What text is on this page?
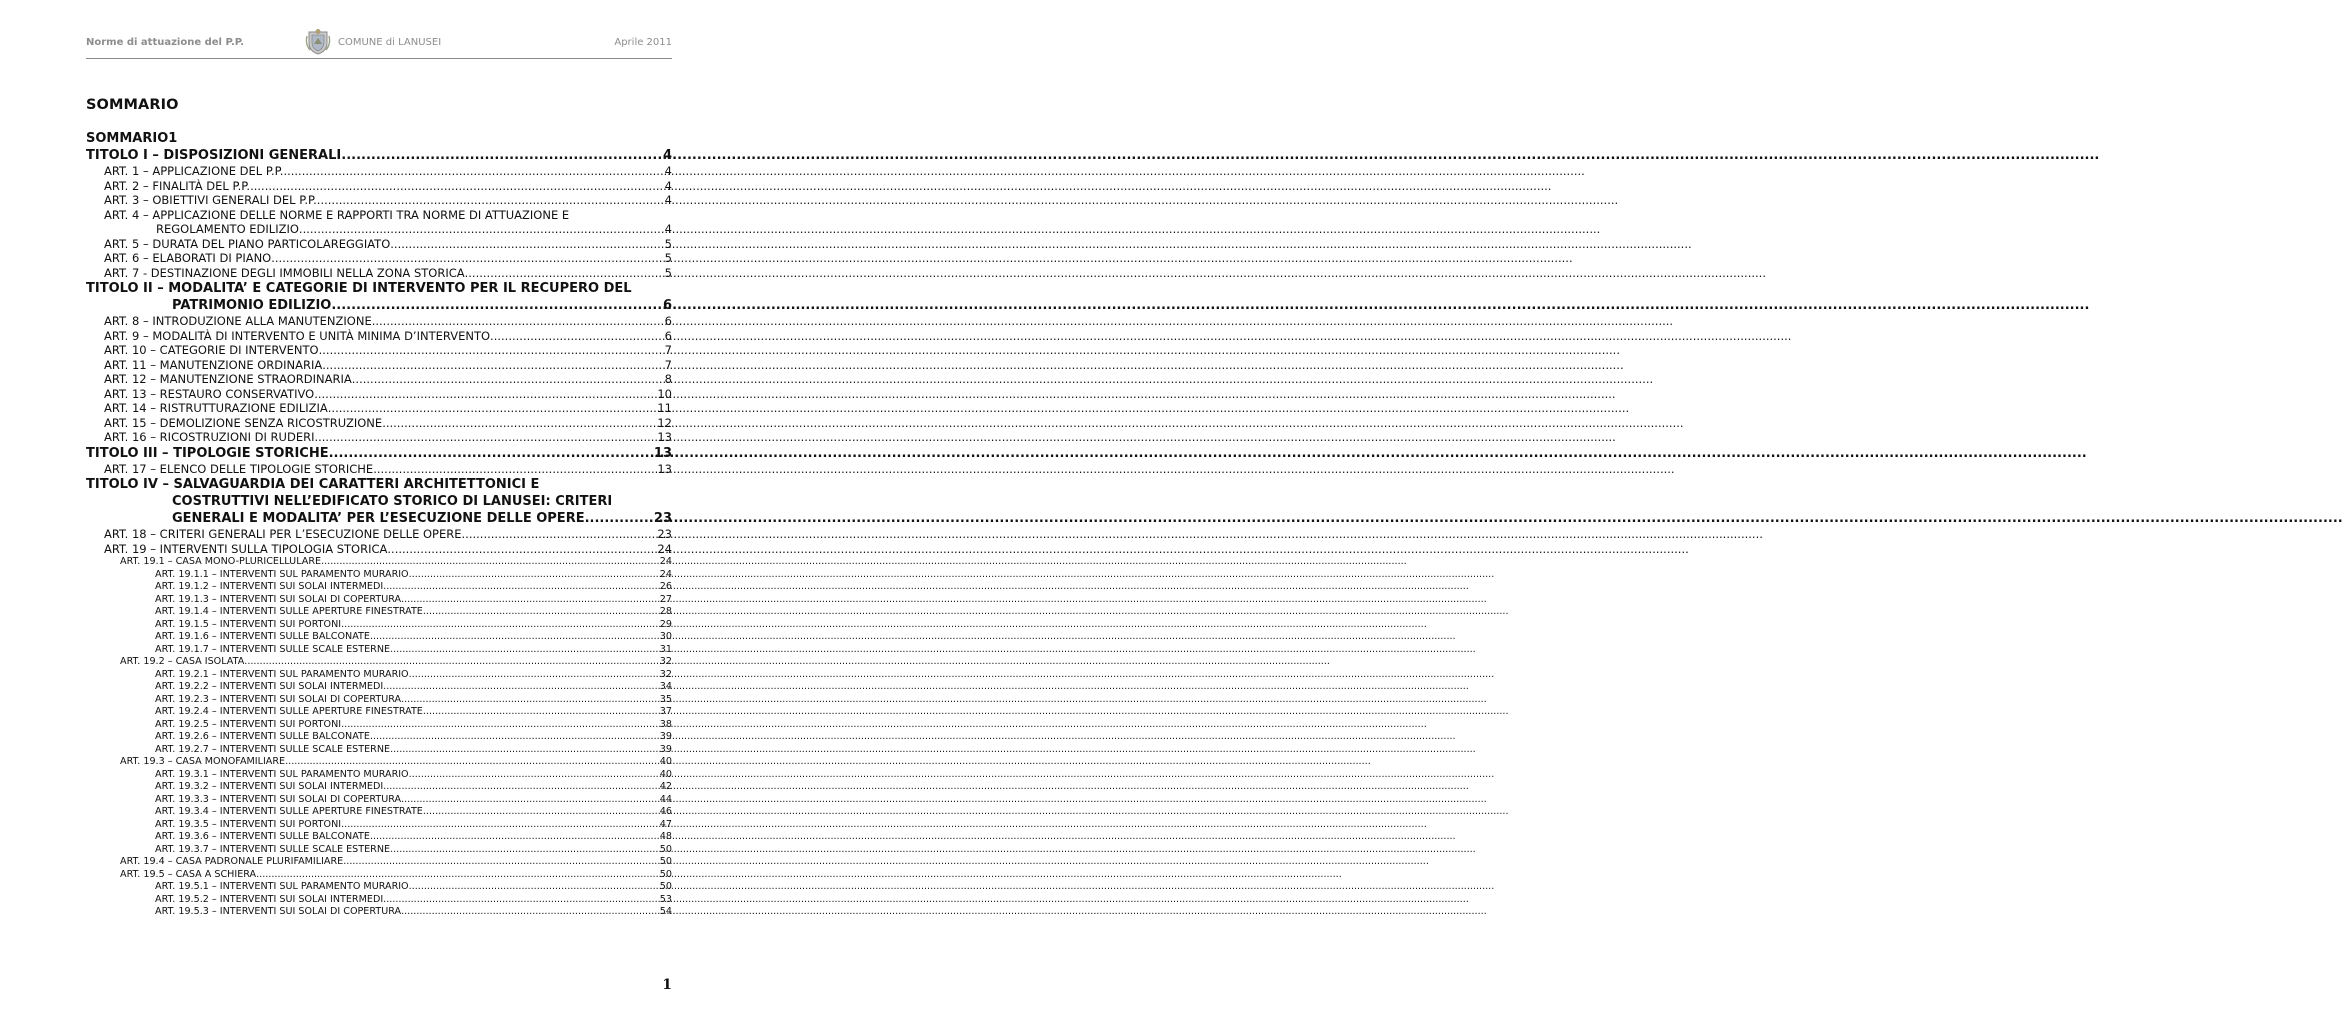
Norme di attuazione del P.P.	COMUNE di LANUSEI	Aprile 2011
SOMMARIO
SOMMARIO1
TITOLO I – DISPOSIZIONI GENERALI .....	4
ART. 1 – APPLICAZIONE DEL P.P. .....	4
ART. 2 – FINALITÀ DEL P.P. .....	4
ART. 3 – OBIETTIVI GENERALI DEL P.P. .....	4
ART. 4 – APPLICAZIONE DELLE NORME E RAPPORTI TRA NORME DI ATTUAZIONE E
REGOLAMENTO EDILIZIO .....	4
ART. 5 – DURATA DEL PIANO PARTICOLAREGGIATO .....	5
ART. 6 – ELABORATI DI PIANO .....	5
ART. 7 - DESTINAZIONE DEGLI IMMOBILI NELLA ZONA STORICA .....	5
TITOLO II – MODALITA’ E CATEGORIE DI INTERVENTO PER IL RECUPERO DEL
PATRIMONIO EDILIZIO .....	6
ART. 8 – INTRODUZIONE ALLA MANUTENZIONE .....	6
ART. 9 – MODALITÀ DI INTERVENTO E UNITÀ MINIMA D’INTERVENTO .....	6
ART. 10 – CATEGORIE DI INTERVENTO .....	7
ART. 11 – MANUTENZIONE ORDINARIA .....	7
ART. 12 – MANUTENZIONE STRAORDINARIA .....	8
ART. 13 – RESTAURO CONSERVATIVO .....	10
ART. 14 – RISTRUTTURAZIONE EDILIZIA .....	11
ART. 15 – DEMOLIZIONE SENZA RICOSTRUZIONE .....	12
ART. 16 – RICOSTRUZIONI DI RUDERI .....	13
TITOLO III – TIPOLOGIE STORICHE .....	13
ART. 17 – ELENCO DELLE TIPOLOGIE STORICHE .....	13
TITOLO IV – SALVAGUARDIA DEI CARATTERI ARCHITETTONICI E
COSTRUTTIVI NELL’EDIFICATO STORICO DI LANUSEI: CRITERI
GENERALI E MODALITA’ PER L’ESECUZIONE DELLE OPERE .....	23
ART. 18 – CRITERI GENERALI PER L’ESECUZIONE DELLE OPERE .....	23
ART. 19 – INTERVENTI SULLA TIPOLOGIA STORICA .....	24
ART. 19.1 – CASA MONO-PLURICELLULARE .....	24
ART. 19.1.1 – INTERVENTI SUL PARAMENTO MURARIO .....	24
ART. 19.1.2 – INTERVENTI SUI SOLAI INTERMEDI .....	26
ART. 19.1.3 – INTERVENTI SUI SOLAI DI COPERTURA .....	27
ART. 19.1.4 – INTERVENTI SULLE APERTURE FINESTRATE .....	28
ART. 19.1.5 – INTERVENTI SUI PORTONI .....	29
ART. 19.1.6 – INTERVENTI SULLE BALCONATE .....	30
ART. 19.1.7 – INTERVENTI SULLE SCALE ESTERNE .....	31
ART. 19.2 – CASA ISOLATA .....	32
ART. 19.2.1 – INTERVENTI SUL PARAMENTO MURARIO .....	32
ART. 19.2.2 – INTERVENTI SUI SOLAI INTERMEDI .....	34
ART. 19.2.3 – INTERVENTI SUI SOLAI DI COPERTURA .....	35
ART. 19.2.4 – INTERVENTI SULLE APERTURE FINESTRATE .....	37
ART. 19.2.5 – INTERVENTI SUI PORTONI .....	38
ART. 19.2.6 – INTERVENTI SULLE BALCONATE .....	39
ART. 19.2.7 – INTERVENTI SULLE SCALE ESTERNE .....	39
ART. 19.3 – CASA MONOFAMILIARE .....	40
ART. 19.3.1 – INTERVENTI SUL PARAMENTO MURARIO .....	40
ART. 19.3.2 – INTERVENTI SUI SOLAI INTERMEDI .....	42
ART. 19.3.3 – INTERVENTI SUI SOLAI DI COPERTURA .....	44
ART. 19.3.4 – INTERVENTI SULLE APERTURE FINESTRATE .....	46
ART. 19.3.5 – INTERVENTI SUI PORTONI .....	47
ART. 19.3.6 – INTERVENTI SULLE BALCONATE .....	48
ART. 19.3.7 – INTERVENTI SULLE SCALE ESTERNE .....	50
ART. 19.4 – CASA PADRONALE PLURIFAMILIARE .....	50
ART. 19.5 – CASA A SCHIERA .....	50
ART. 19.5.1 – INTERVENTI SUL PARAMENTO MURARIO .....	50
ART. 19.5.2 – INTERVENTI SUI SOLAI INTERMEDI .....	53
ART. 19.5.3 – INTERVENTI SUI SOLAI DI COPERTURA .....	54
1
